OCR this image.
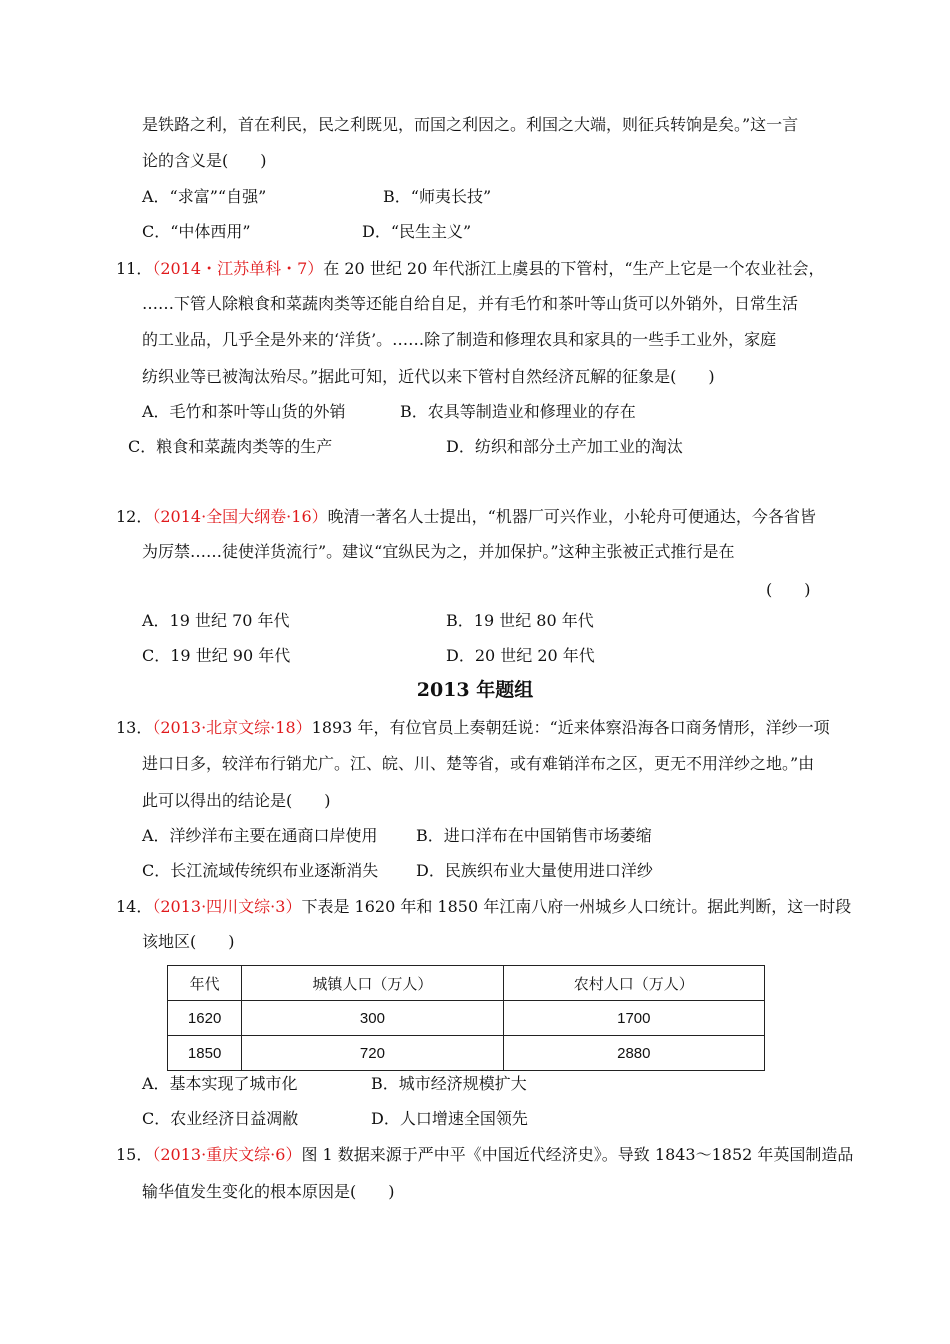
是铁路之利，首在利民，民之利既见，而国之利因之。利国之大端，则征兵转饷是矣。”这一言
论的含义是(　　)
A．“求富”“自强”	B．“师夷长技”
C．“中体西用”	D．“民生主义”
11．（2014・江苏单科・7）在 20 世纪 20 年代浙江上虞县的下管村，“生产上它是一个农业社会，
……下管人除粮食和菜蔬肉类等还能自给自足，并有毛竹和茶叶等山货可以外销外，日常生活
的工业品，几乎全是外来的‘洋货’。……除了制造和修理农具和家具的一些手工业外，家庭
纺织业等已被淘汰殆尽。”据此可知，近代以来下管村自然经济瓦解的征象是(　　)
A．毛竹和茶叶等山货的外销	B．农具等制造业和修理业的存在
C．粮食和菜蔬肉类等的生产	D．纺织和部分土产加工业的淘汰
12．（2014·全国大纲卷·16）晚清一著名人士提出，“机器厂可兴作业，小轮舟可便通达，今各省皆
为厉禁……徒使洋货流行”。建议“宜纵民为之，并加保护。”这种主张被正式推行是在
(　　)
A．19 世纪 70 年代	B．19 世纪 80 年代
C．19 世纪 90 年代	D．20 世纪 20 年代
2013 年题组
13．（2013·北京文综·18）1893 年，有位官员上奏朝廷说：“近来体察沿海各口商务情形，洋纱一项
进口日多，较洋布行销尤广。江、皖、川、楚等省，或有难销洋布之区，更无不用洋纱之地。”由
此可以得出的结论是(　　)
A．洋纱洋布主要在通商口岸使用 B．进口洋布在中国销售市场萎缩
C．长江流域传统织布业逐渐消失 D．民族织布业大量使用进口洋纱
14．（2013·四川文综·3）下表是 1620 年和 1850 年江南八府一州城乡人口统计。据此判断，这一时段
该地区(　　)
年代	城镇人口（万人）	农村人口（万人）
1620	300	1700
1850	720	2880
A．基本实现了城市化	B．城市经济规模扩大
C．农业经济日益凋敝	D．人口增速全国领先
15．（2013·重庆文综·6）图 1 数据来源于严中平《中国近代经济史》。导致 1843～1852 年英国制造品
输华值发生变化的根本原因是(　　)
